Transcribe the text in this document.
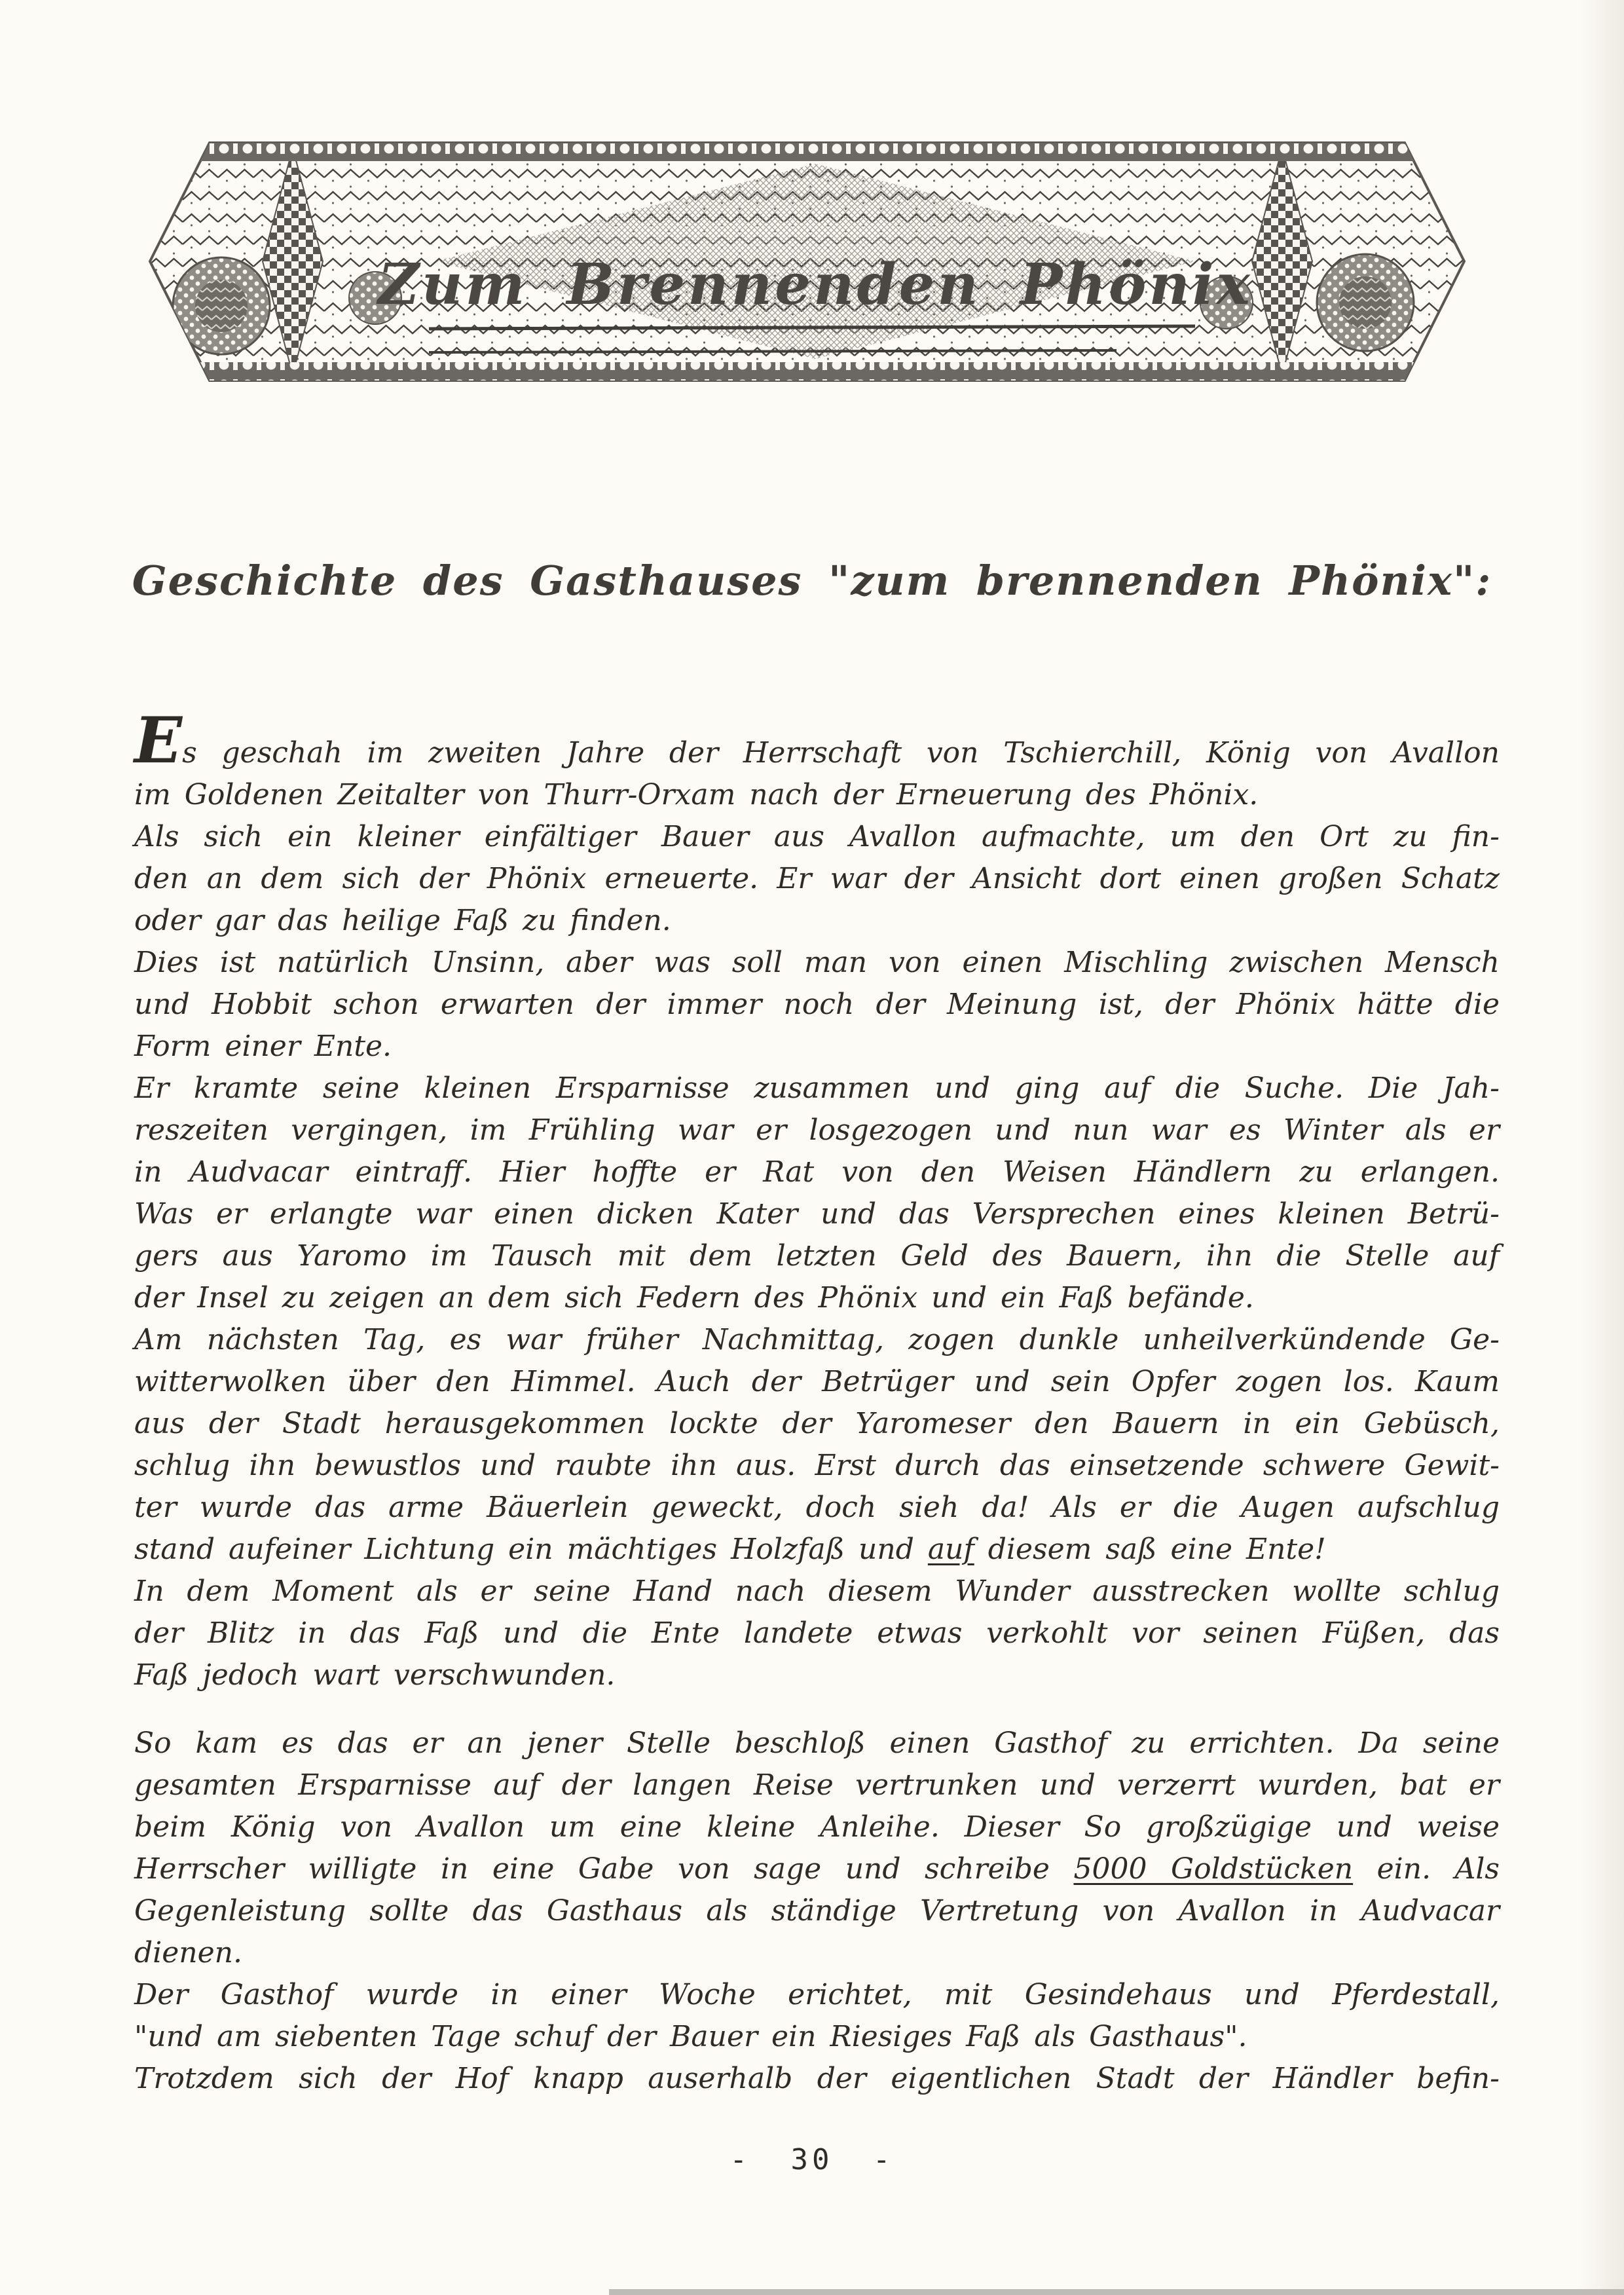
Zum Brennenden Phönix
Geschichte des Gasthauses "zum brennenden Phönix":
Es geschah im zweiten Jahre der Herrschaft von Tschierchill, König von Avallon
im Goldenen Zeitalter von Thurr-Orxam nach der Erneuerung des Phönix.
Als sich ein kleiner einfältiger Bauer aus Avallon aufmachte, um den Ort zu fin-
den an dem sich der Phönix erneuerte. Er war der Ansicht dort einen großen Schatz
oder gar das heilige Faß zu finden.
Dies ist natürlich Unsinn, aber was soll man von einen Mischling zwischen Mensch
und Hobbit schon erwarten der immer noch der Meinung ist, der Phönix hätte die
Form einer Ente.
Er kramte seine kleinen Ersparnisse zusammen und ging auf die Suche. Die Jah-
reszeiten vergingen, im Frühling war er losgezogen und nun war es Winter als er
in Audvacar eintraff. Hier hoffte er Rat von den Weisen Händlern zu erlangen.
Was er erlangte war einen dicken Kater und das Versprechen eines kleinen Betrü-
gers aus Yaromo im Tausch mit dem letzten Geld des Bauern, ihn die Stelle auf
der Insel zu zeigen an dem sich Federn des Phönix und ein Faß befände.
Am nächsten Tag, es war früher Nachmittag, zogen dunkle unheilverkündende Ge-
witterwolken über den Himmel. Auch der Betrüger und sein Opfer zogen los. Kaum
aus der Stadt herausgekommen lockte der Yaromeser den Bauern in ein Gebüsch,
schlug ihn bewustlos und raubte ihn aus. Erst durch das einsetzende schwere Gewit-
ter wurde das arme Bäuerlein geweckt, doch sieh da! Als er die Augen aufschlug
stand aufeiner Lichtung ein mächtiges Holzfaß und auf diesem saß eine Ente!
In dem Moment als er seine Hand nach diesem Wunder ausstrecken wollte schlug
der Blitz in das Faß und die Ente landete etwas verkohlt vor seinen Füßen, das
Faß jedoch wart verschwunden.
So kam es das er an jener Stelle beschloß einen Gasthof zu errichten. Da seine
gesamten Ersparnisse auf der langen Reise vertrunken und verzerrt wurden, bat er
beim König von Avallon um eine kleine Anleihe. Dieser So großzügige und weise
Herrscher willigte in eine Gabe von sage und schreibe 5000 Goldstücken ein. Als
Gegenleistung sollte das Gasthaus als ständige Vertretung von Avallon in Audvacar
dienen.
Der Gasthof wurde in einer Woche erichtet, mit Gesindehaus und Pferdestall,
"und am siebenten Tage schuf der Bauer ein Riesiges Faß als Gasthaus".
Trotzdem sich der Hof knapp auserhalb der eigentlichen Stadt der Händler befin-
- 30 -
